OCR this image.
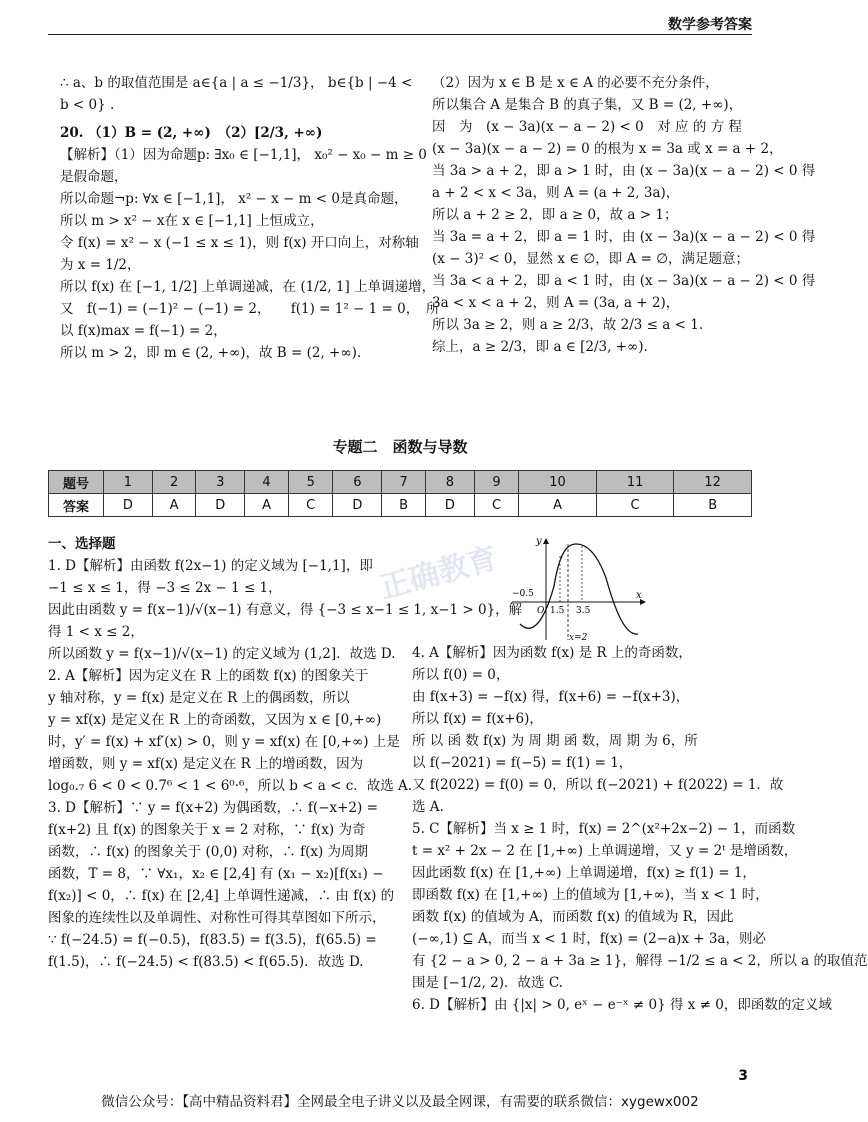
数学参考答案

∴ a、b 的取值范围是 a∈{a | a ≤ −1/3}， b∈{b | −4 <

b < 0} .

20. （1）B = (2, +∞)　（2）[2/3, +∞)

【解析】（1）因为命题p: ∃x₀ ∈ [−1,1]， x₀² − x₀ − m ≥ 0

是假命题，

所以命题¬p: ∀x ∈ [−1,1]， x² − x − m < 0是真命题，

所以 m > x² − x在 x ∈ [−1,1] 上恒成立，

令 f(x) = x² − x (−1 ≤ x ≤ 1)，则 f(x) 开口向上，对称轴

为 x = 1/2，

所以 f(x) 在 [−1, 1/2] 上单调递减，在 (1/2, 1] 上单调递增，

又　f(−1) = (−1)² − (−1) = 2，　　f(1) = 1² − 1 = 0，　所

以 f(x)max = f(−1) = 2，

所以 m > 2，即 m ∈ (2, +∞)，故 B = (2, +∞).

（2）因为 x ∈ B 是 x ∈ A 的必要不充分条件，

所以集合 A 是集合 B 的真子集，又 B = (2, +∞)，

因　为　(x − 3a)(x − a − 2) < 0　对 应 的 方 程

(x − 3a)(x − a − 2) = 0 的根为 x = 3a 或 x = a + 2，

当 3a > a + 2，即 a > 1 时，由 (x − 3a)(x − a − 2) < 0 得

a + 2 < x < 3a，则 A = (a + 2, 3a)，

所以 a + 2 ≥ 2，即 a ≥ 0，故 a > 1；

当 3a = a + 2，即 a = 1 时，由 (x − 3a)(x − a − 2) < 0 得

(x − 3)² < 0，显然 x ∈ ∅，即 A = ∅，满足题意；

当 3a < a + 2，即 a < 1 时，由 (x − 3a)(x − a − 2) < 0 得

3a < x < a + 2，则 A = (3a, a + 2)，

所以 3a ≥ 2，则 a ≥ 2/3，故 2/3 ≤ a < 1.

综上，a ≥ 2/3，即 a ∈ [2/3, +∞).

专题二　函数与导数
题号	1	2	3	4	5	6	7	8	9	10	11	12
答案	D	A	D	A	C	D	B	D	C	A	C	B
正确教育

一、选择题

1. D【解析】由函数 f(2x−1) 的定义域为 [−1,1]，即

−1 ≤ x ≤ 1，得 −3 ≤ 2x − 1 ≤ 1，

因此由函数 y = f(x−1)/√(x−1) 有意义，得 {−3 ≤ x−1 ≤ 1, x−1 > 0}，解

得 1 < x ≤ 2，

所以函数 y = f(x−1)/√(x−1) 的定义域为 (1,2]．故选 D.

2. A【解析】因为定义在 R 上的函数 f(x) 的图象关于

y 轴对称，y = f(x) 是定义在 R 上的偶函数，所以

y = xf(x) 是定义在 R 上的奇函数，又因为 x ∈ [0,+∞)

时，y′ = f(x) + xf′(x) > 0，则 y = xf(x) 在 [0,+∞) 上是

增函数，则 y = xf(x) 是定义在 R 上的增函数，因为

log₀.₇ 6 < 0 < 0.7⁶ < 1 < 6⁰·⁶，所以 b < a < c．故选 A.

3. D【解析】∵ y = f(x+2) 为偶函数，∴ f(−x+2) =

f(x+2) 且 f(x) 的图象关于 x = 2 对称，∵ f(x) 为奇

函数，∴ f(x) 的图象关于 (0,0) 对称，∴ f(x) 为周期

函数，T = 8，∵ ∀x₁，x₂ ∈ [2,4] 有 (x₁ − x₂)[f(x₁) −

f(x₂)] < 0，∴ f(x) 在 [2,4] 上单调性递减，∴ 由 f(x) 的

图象的连续性以及单调性、对称性可得其草图如下所示，

∵ f(−24.5) = f(−0.5)，f(83.5) = f(3.5)，f(65.5) =

f(1.5)，∴ f(−24.5) < f(83.5) < f(65.5)．故选 D.

4. A【解析】因为函数 f(x) 是 R 上的奇函数，

所以 f(0) = 0，

由 f(x+3) = −f(x) 得，f(x+6) = −f(x+3)，

所以 f(x) = f(x+6)，

所 以 函 数 f(x) 为 周 期 函 数，周 期 为 6，所

以 f(−2021) = f(−5) = f(1) = 1，

又 f(2022) = f(0) = 0，所以 f(−2021) + f(2022) = 1．故

选 A.

5. C【解析】当 x ≥ 1 时，f(x) = 2^(x²+2x−2) − 1，而函数

t = x² + 2x − 2 在 [1,+∞) 上单调递增，又 y = 2ᵗ 是增函数，

因此函数 f(x) 在 [1,+∞) 上单调递增，f(x) ≥ f(1) = 1，

即函数 f(x) 在 [1,+∞) 上的值域为 [1,+∞)，当 x < 1 时，

函数 f(x) 的值域为 A，而函数 f(x) 的值域为 R，因此

(−∞,1) ⊆ A，而当 x < 1 时，f(x) = (2−a)x + 3a，则必

有 {2 − a > 0, 2 − a + 3a ≥ 1}，解得 −1/2 ≤ a < 2，所以 a 的取值范

围是 [−1/2, 2)．故选 C.

6. D【解析】由 {|x| > 0, eˣ − e⁻ˣ ≠ 0} 得 x ≠ 0，即函数的定义域

y
x
O
−0.5
1.5 3.5
x=2
3
微信公众号：【高中精品资料君】全网最全电子讲义以及最全网课，有需要的联系微信：xygewx002
